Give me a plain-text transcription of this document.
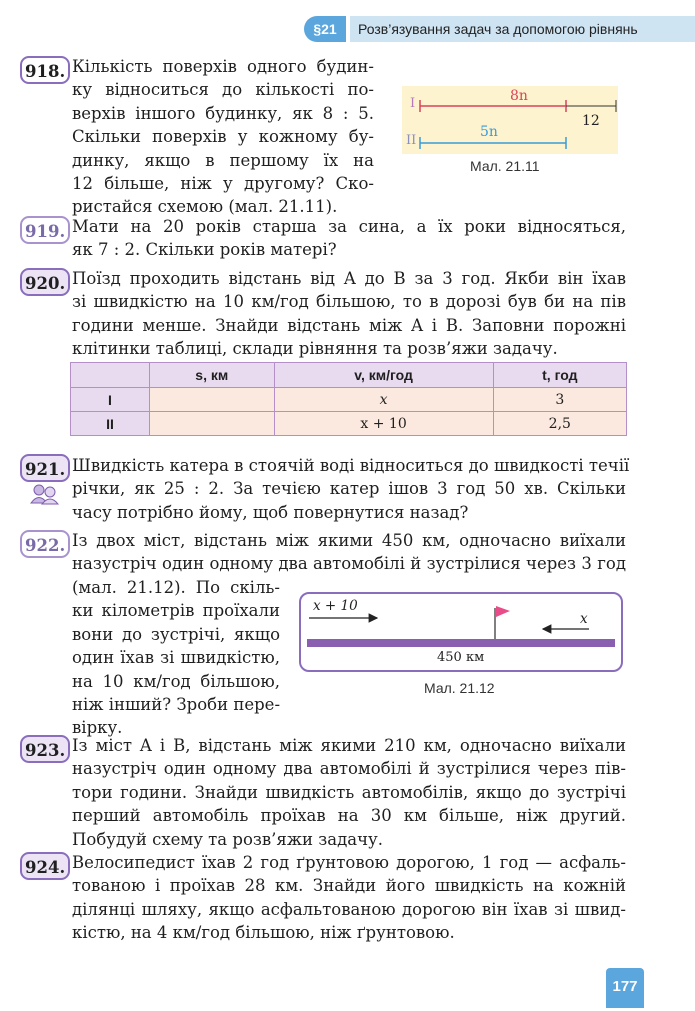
§21	Розв’язування задач за допомогою рівнянь
918. Кількість поверхів одного будин-
ку відноситься до кількості по-
верхів іншого будинку, як 8 : 5.
Скільки поверхів у кожному бу-
динку, якщо в першому їх на
12 більше, ніж у другому? Ско-
ристайся схемою (мал. 21.11).
I
II
8n
12
5n
Мал. 21.11
919. Мати на 20 років старша за сина, а їх роки відносяться,
як 7 : 2. Скільки років матері?
920. Поїзд проходить відстань від A до B за 3 год. Якби він їхав
зі швидкістю на 10 км/год більшою, то в дорозі був би на пів
години менше. Знайди відстань між A і B. Заповни порожні
клітинки таблиці, склади рівняння та розв’яжи задачу.
	s, км	v, км/год	t, год
I		x	3
II		x + 10	2,5
921. Швидкість катера в стоячій воді відноситься до швидкості течії
річки, як 25 : 2. За течією катер ішов 3 год 50 хв. Скільки
часу потрібно йому, щоб повернутися назад?
922. Із двох міст, відстань між якими 450 км, одночасно виїхали
назустріч один одному два автомобілі й зустрілися через 3 год
(мал. 21.12). По скіль-
ки кілометрів проїхали
вони до зустрічі, якщо
один їхав зі швидкістю,
на 10 км/год більшою,
ніж інший? Зроби пере-
вірку.
x + 10
x
450 км
Мал. 21.12
923. Із міст A і B, відстань між якими 210 км, одночасно виїхали
назустріч один одному два автомобілі й зустрілися через пів-
тори години. Знайди швидкість автомобілів, якщо до зустрічі
перший автомобіль проїхав на 30 км більше, ніж другий.
Побудуй схему та розв’яжи задачу.
924. Велосипедист їхав 2 год ґрунтовою дорогою, 1 год — асфаль-
тованою і проїхав 28 км. Знайди його швидкість на кожній
ділянці шляху, якщо асфальтованою дорогою він їхав зі швид-
кістю, на 4 км/год більшою, ніж ґрунтовою.
177
